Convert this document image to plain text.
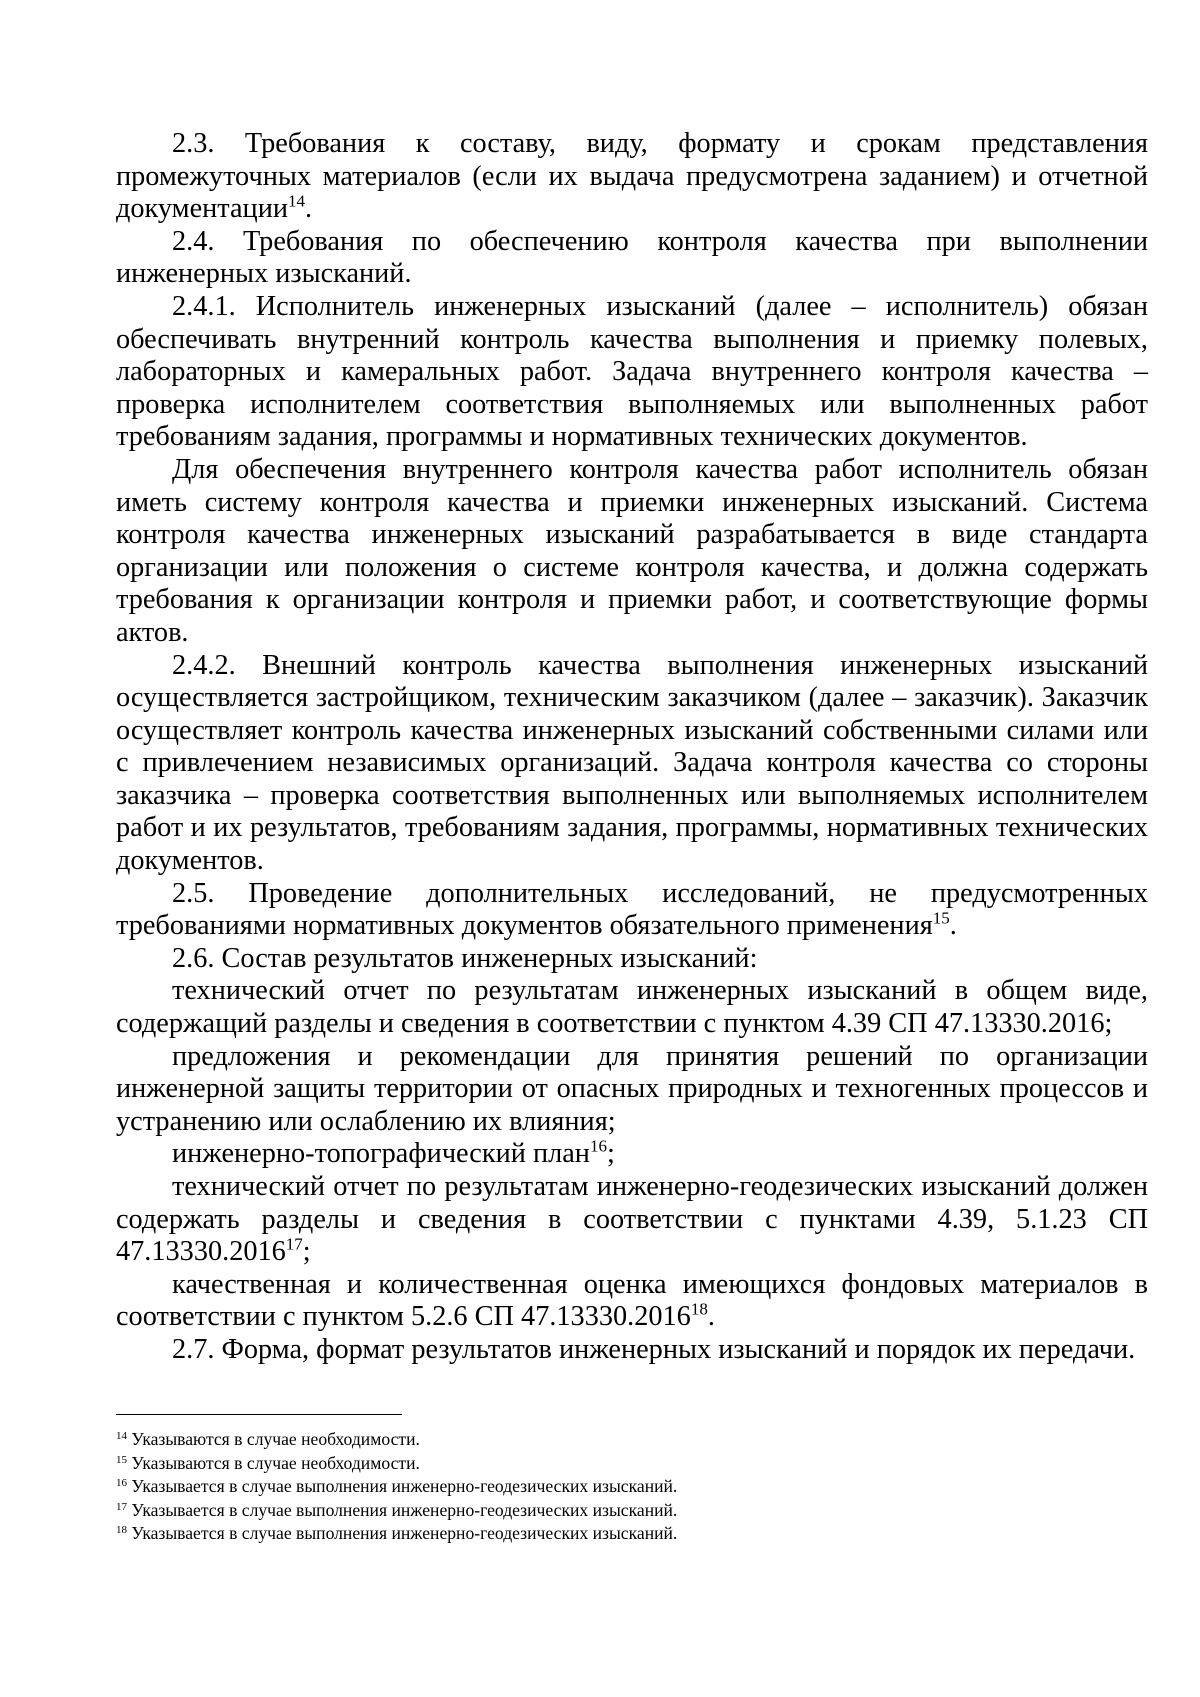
2.3. Требования к составу, виду, формату и срокам представления промежуточных материалов (если их выдача предусмотрена заданием) и отчетной документации$^{14}$.

2.4. Требования по обеспечению контроля качества при выполнении инженерных изысканий.

2.4.1. Исполнитель инженерных изысканий (далее – исполнитель) обязан обеспечивать внутренний контроль качества выполнения и приемку полевых, лабораторных и камеральных работ. Задача внутреннего контроля качества – проверка исполнителем соответствия выполняемых или выполненных работ требованиям задания, программы и нормативных технических документов.

Для обеспечения внутреннего контроля качества работ исполнитель обязан иметь систему контроля качества и приемки инженерных изысканий. Система контроля качества инженерных изысканий разрабатывается в виде стандарта организации или положения о системе контроля качества, и должна содержать требования к организации контроля и приемки работ, и соответствующие формы актов.

2.4.2. Внешний контроль качества выполнения инженерных изысканий осуществляется застройщиком, техническим заказчиком (далее – заказчик). Заказчик осуществляет контроль качества инженерных изысканий собственными силами или с привлечением независимых организаций. Задача контроля качества со стороны заказчика – проверка соответствия выполненных или выполняемых исполнителем работ и их результатов, требованиям задания, программы, нормативных технических документов.

2.5. Проведение дополнительных исследований, не предусмотренных требованиями нормативных документов обязательного применения$^{15}$.

2.6. Состав результатов инженерных изысканий:

технический отчет по результатам инженерных изысканий в общем виде, содержащий разделы и сведения в соответствии с пунктом 4.39 СП 47.13330.2016;

предложения и рекомендации для принятия решений по организации инженерной защиты территории от опасных природных и техногенных процессов и устранению или ослаблению их влияния;

инженерно-топографический план$^{16}$;

технический отчет по результатам инженерно-геодезических изысканий должен содержать разделы и сведения в соответствии с пунктами 4.39, 5.1.23 СП 47.13330.2016$^{17}$;

качественная и количественная оценка имеющихся фондовых материалов в соответствии с пунктом 5.2.6 СП 47.13330.2016$^{18}$.

2.7. Форма, формат результатов инженерных изысканий и порядок их передачи.

$^{14}$ Указываются в случае необходимости.

$^{15}$ Указываются в случае необходимости.

$^{16}$ Указывается в случае выполнения инженерно-геодезических изысканий.

$^{17}$ Указывается в случае выполнения инженерно-геодезических изысканий.

$^{18}$ Указывается в случае выполнения инженерно-геодезических изысканий.
